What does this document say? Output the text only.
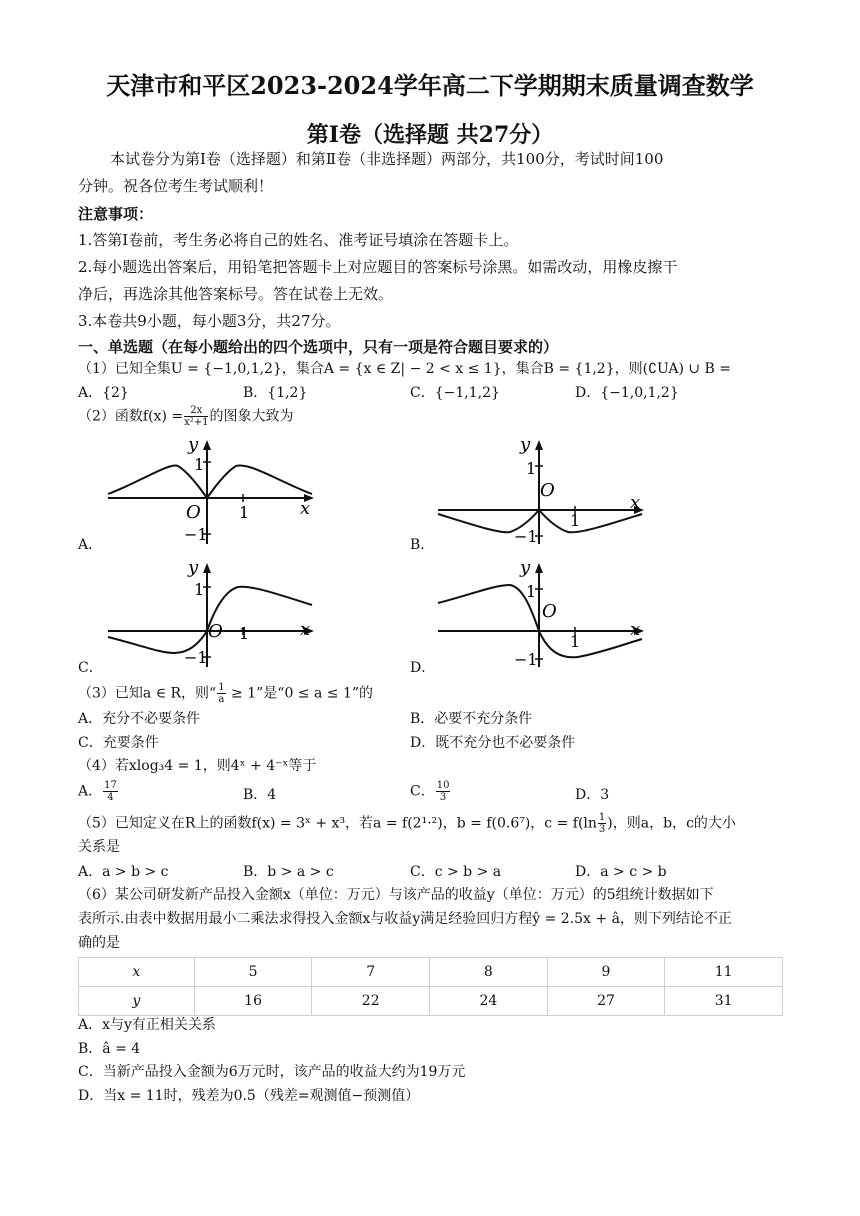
天津市和平区2023-2024学年高二下学期期末质量调查数学
第Ⅰ卷（选择题 共27分）
本试卷分为第Ⅰ卷（选择题）和第Ⅱ卷（非选择题）两部分，共100分，考试时间100
分钟。祝各位考生考试顺利！
注意事项：
1.答第Ⅰ卷前，考生务必将自己的姓名、准考证号填涂在答题卡上。
2.每小题选出答案后，用铅笔把答题卡上对应题目的答案标号涂黑。如需改动，用橡皮擦干
净后，再选涂其他答案标号。答在试卷上无效。
3.本卷共9小题，每小题3分，共27分。
一、单选题（在每小题给出的四个选项中，只有一项是符合题目要求的）
（1）已知全集U = {−1,0,1,2}，集合A = {x ∈ Z| − 2 < x ≤ 1}，集合B = {1,2}，则(∁UA) ∪ B =
A．{2}	B．{1,2}	C．{−1,1,2}	D．{−1,0,1,2}
（2）函数$f(x) = \frac{2x}{\text{x²+1}}$ 的图象大致为
y
x
O
1
1
−1
A．
y
x
O
1
1
−1
B．
y
x
O
1
1
−1
C．
y
x
O
1
1
−1
D．
（3）已知a ∈ R，则“ $\frac{1}{a} \ge 1$”是“0 ≤ a ≤ 1”的
A．充分不必要条件	B．必要不充分条件
C．充要条件	D．既不充分也不必要条件
（4）若xlog₃4 = 1，则4ˣ + 4⁻ˣ等于
A． $\frac{17}{4}$	B．4	C． $\frac{10}{3}$	D．3
（5）已知定义在R上的函数f(x) = 3ˣ + x³，若a = f(2¹·²)，b = f(0.6⁷)，$c = f(\ln \frac{1}{3}$ )，则a，b，c的大小
关系是
A．a > b > c	B．b > a > c	C．c > b > a	D．a > c > b
（6）某公司研发新产品投入金额x（单位：万元）与该产品的收益y（单位：万元）的5组统计数据如下
表所示.由表中数据用最小二乘法求得投入金额x与收益y满足经验回归方程ŷ = 2.5x + â，则下列结论不正
确的是
x	5	7	8	9	11
y	16	22	24	27	31
A．x与y有正相关关系
B．â = 4
C．当新产品投入金额为6万元时，该产品的收益大约为19万元
D．当x = 11时，残差为0.5（残差=观测值−预测值）
